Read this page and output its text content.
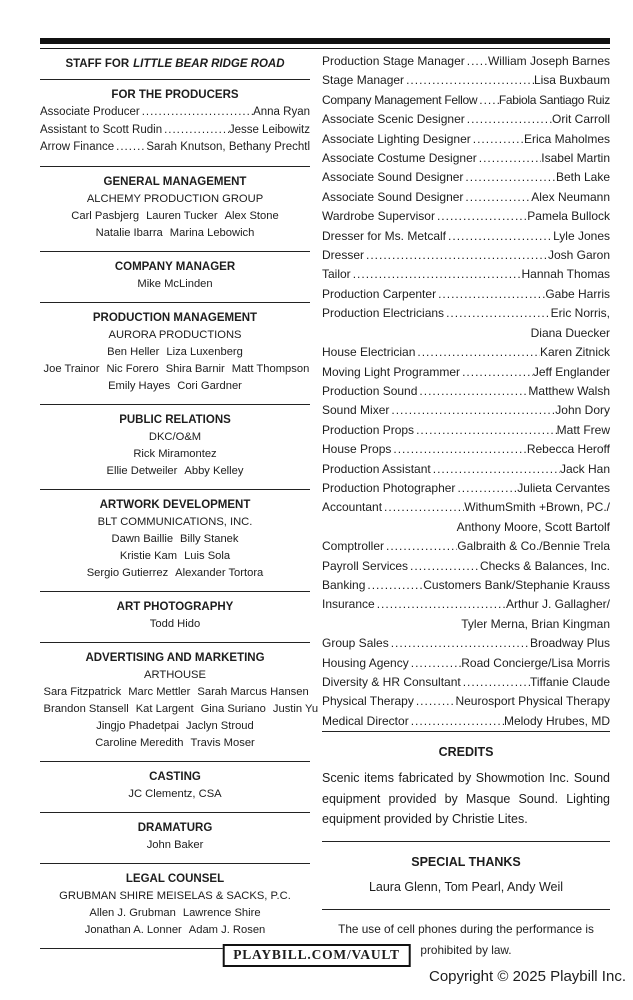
STAFF FOR LITTLE BEAR RIDGE ROAD
FOR THE PRODUCERS
Associate Producer .....	Anna Ryan
Assistant to Scott Rudin .....	Jesse Leibowitz
Arrow Finance .....	Sarah Knutson, Bethany Prechtl
GENERAL MANAGEMENT
ALCHEMY PRODUCTION GROUP
Carl Pasbjerg Lauren Tucker Alex Stone
Natalie Ibarra Marina Lebowich
COMPANY MANAGER
Mike McLinden
PRODUCTION MANAGEMENT
AURORA PRODUCTIONS
Ben Heller Liza Luxenberg
Joe Trainor Nic Forero Shira Barnir Matt Thompson
Emily Hayes Cori Gardner
PUBLIC RELATIONS
DKC/O&M
Rick Miramontez
Ellie Detweiler Abby Kelley
ARTWORK DEVELOPMENT
BLT COMMUNICATIONS, INC.
Dawn Baillie Billy Stanek
Kristie Kam Luis Sola
Sergio Gutierrez Alexander Tortora
ART PHOTOGRAPHY
Todd Hido
ADVERTISING AND MARKETING
ARTHOUSE
Sara Fitzpatrick Marc Mettler Sarah Marcus Hansen
Brandon Stansell Kat Largent Gina Suriano Justin Yu
Jingjo Phadetpai Jaclyn Stroud
Caroline Meredith Travis Moser
CASTING
JC Clementz, CSA
DRAMATURG
John Baker
LEGAL COUNSEL
GRUBMAN SHIRE MEISELAS & SACKS, P.C.
Allen J. Grubman Lawrence Shire
Jonathan A. Lonner Adam J. Rosen
Production Stage Manager ..... William Joseph Barnes
Stage Manager .....	Lisa Buxbaum
Company Management Fellow ..... Fabiola Santiago Ruiz
Associate Scenic Designer .....	Orit Carroll
Associate Lighting Designer .....	Erica Maholmes
Associate Costume Designer .....	Isabel Martin
Associate Sound Designer .....	Beth Lake
Associate Sound Designer .....	Alex Neumann
Wardrobe Supervisor .....	Pamela Bullock
Dresser for Ms. Metcalf .....	Lyle Jones
Dresser .....	Josh Garon
Tailor .....	Hannah Thomas
Production Carpenter .....	Gabe Harris
Production Electricians .....	Eric Norris,
Diana Duecker
House Electrician .....	Karen Zitnick
Moving Light Programmer .....	Jeff Englander
Production Sound .....	Matthew Walsh
Sound Mixer .....	John Dory
Production Props .....	Matt Frew
House Props .....	Rebecca Heroff
Production Assistant .....	Jack Han
Production Photographer .....	Julieta Cervantes
Accountant .....	WithumSmith +Brown, PC./
Anthony Moore, Scott Bartolf
Comptroller .....	Galbraith & Co./Bennie Trela
Payroll Services .....	Checks & Balances, Inc.
Banking .....	Customers Bank/Stephanie Krauss
Insurance .....	Arthur J. Gallagher/
Tyler Merna, Brian Kingman
Group Sales .....	Broadway Plus
Housing Agency .....	Road Concierge/Lisa Morris
Diversity & HR Consultant .....	Tiffanie Claude
Physical Therapy .....	Neurosport Physical Therapy
Medical Director .....	Melody Hrubes, MD
CREDITS

Scenic items fabricated by Showmotion Inc. Sound equipment provided by Masque Sound. Lighting equipment provided by Christie Lites.

SPECIAL THANKS
Laura Glenn, Tom Pearl, Andy Weil
The use of cell phones during the performance is prohibited by law.
PLAYBILL.COM/VAULT
Copyright © 2025 Playbill Inc.
